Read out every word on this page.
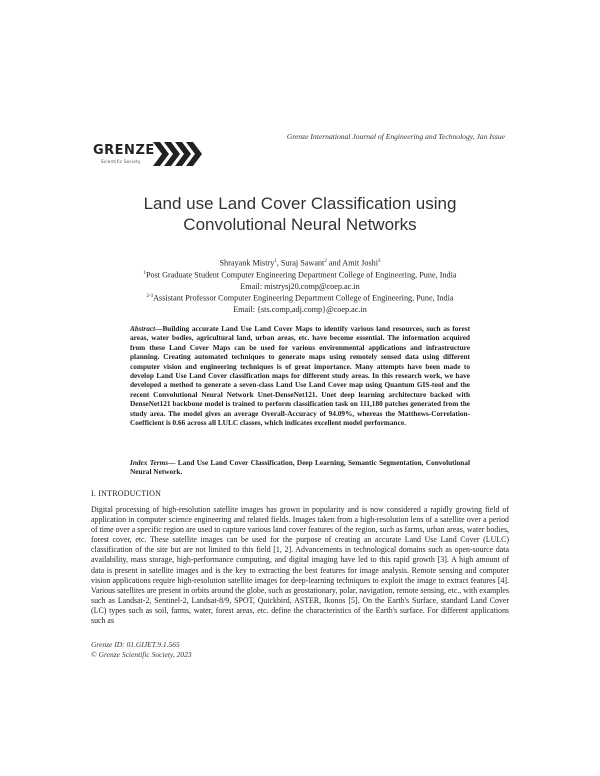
Grenze International Journal of Engineering and Technology, Jan Issue
GRENZE
Scientific Society
Land use Land Cover Classification using
Convolutional Neural Networks
Shrayank Mistry$^1$, Suraj Sawant$^2$ and Amit Joshi$^3$
$^1$Post Graduate Student Computer Engineering Department College of Engineering, Pune, India
Email: mistrysj20.comp@coep.ac.in
$^{2-3}$Assistant Professor Computer Engineering Department College of Engineering, Pune, India
Email: {sts.comp,adj.comp}@coep.ac.in
Abstract—Building accurate Land Use Land Cover Maps to identify various land resources, such as forest areas, water bodies, agricultural land, urban areas, etc. have become essential. The information acquired from these Land Cover Maps can be used for various environmental applications and infrastructure planning. Creating automated techniques to generate maps using remotely sensed data using different computer vision and engineering techniques is of great importance. Many attempts have been made to develop Land Use Land Cover classification maps for different study areas. In this research work, we have developed a method to generate a seven-class Land Use Land Cover map using Quantum GIS-tool and the recent Convolutional Neural Network Unet-DenseNet121. Unet deep learning architecture backed with DenseNet121 backbone model is trained to perform classification task on 111,180 patches generated from the study area. The model gives an average Overall-Accuracy of 94.09%, whereas the Matthews-Correlation-Coefficient is 0.66 across all LULC classes, which indicates excellent model performance.
Index Terms— Land Use Land Cover Classification, Deep Learning, Semantic Segmentation, Convolutional Neural Network.
I. INTRODUCTION
Digital processing of high-resolution satellite images has grown in popularity and is now considered a rapidly growing field of application in computer science engineering and related fields. Images taken from a high-resolution lens of a satellite over a period of time over a specific region are used to capture various land cover features of the region, such as farms, urban areas, water bodies, forest cover, etc. These satellite images can be used for the purpose of creating an accurate Land Use Land Cover (LULC) classification of the site but are not limited to this field [1, 2]. Advancements in technological domains such as open-source data availability, mass storage, high-performance computing, and digital imaging have led to this rapid growth [3]. A high amount of data is present in satellite images and is the key to extracting the best features for image analysis. Remote sensing and computer vision applications require high-resolution satellite images for deep-learning techniques to exploit the image to extract features [4]. Various satellites are present in orbits around the globe, such as geostationary, polar, navigation, remote sensing, etc., with examples such as Landsat-2, Sentinel-2, Landsat-8/9, SPOT, Quickbird, ASTER, Ikonos [5]. On the Earth's Surface, standard Land Cover (LC) types such as soil, farms, water, forest areas, etc. define the characteristics of the Earth's surface. For different applications such as
Grenze ID: 01.GIJET.9.1.565
© Grenze Scientific Society, 2023
